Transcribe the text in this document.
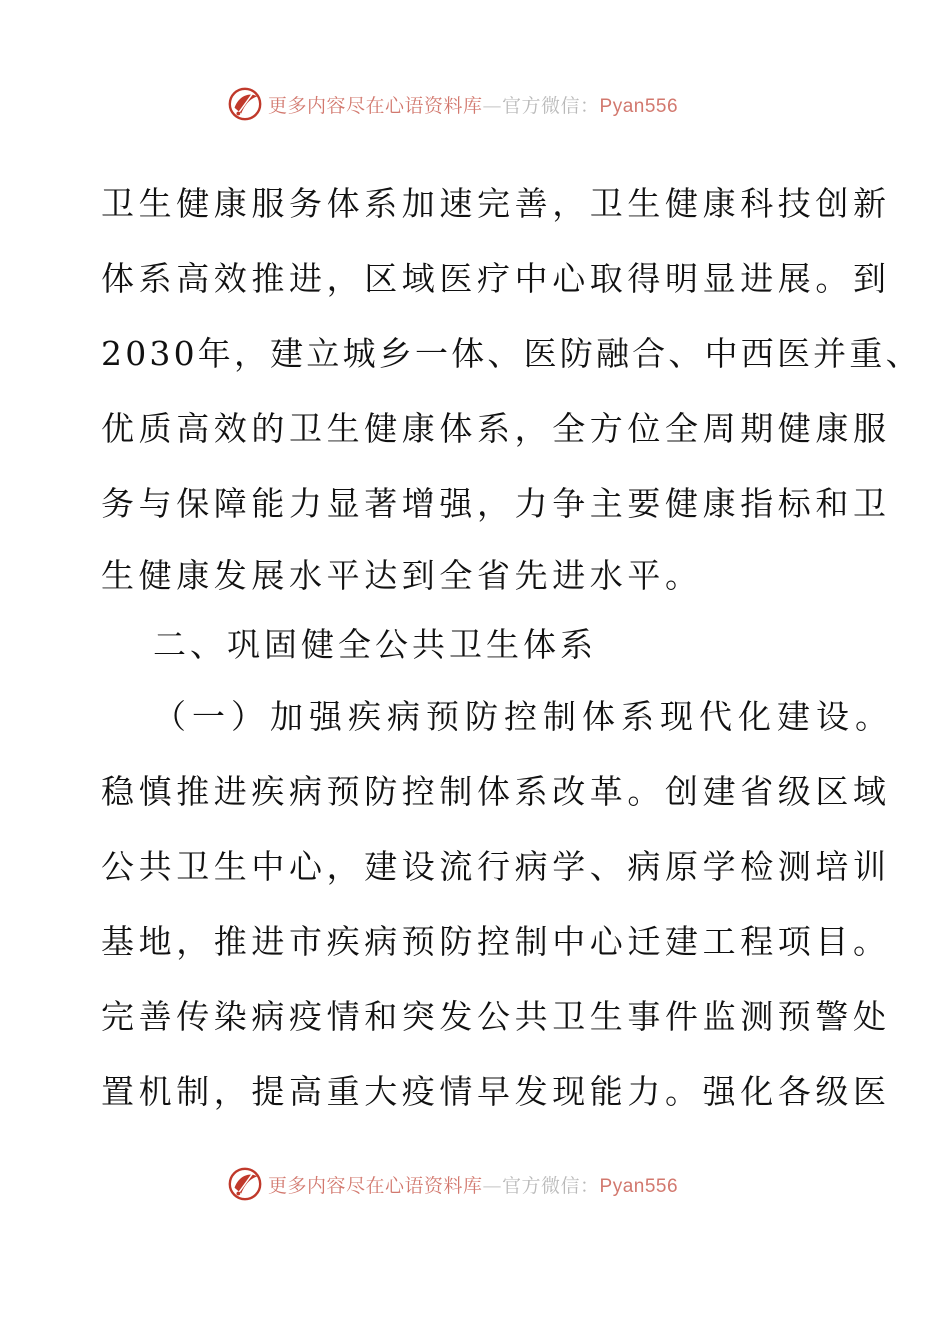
更多内容尽在心语资料库—官方微信：Pyan556
卫生健康服务体系加速完善，卫生健康科技创新
体系高效推进，区域医疗中心取得明显进展。到
2030年，建立城乡一体、医防融合、中西医并重、
优质高效的卫生健康体系，全方位全周期健康服
务与保障能力显著增强，力争主要健康指标和卫
生健康发展水平达到全省先进水平。
二、巩固健全公共卫生体系
（一）加强疾病预防控制体系现代化建设。
稳慎推进疾病预防控制体系改革。创建省级区域
公共卫生中心，建设流行病学、病原学检测培训
基地，推进市疾病预防控制中心迁建工程项目。
完善传染病疫情和突发公共卫生事件监测预警处
置机制，提高重大疫情早发现能力。强化各级医
更多内容尽在心语资料库—官方微信：Pyan556
